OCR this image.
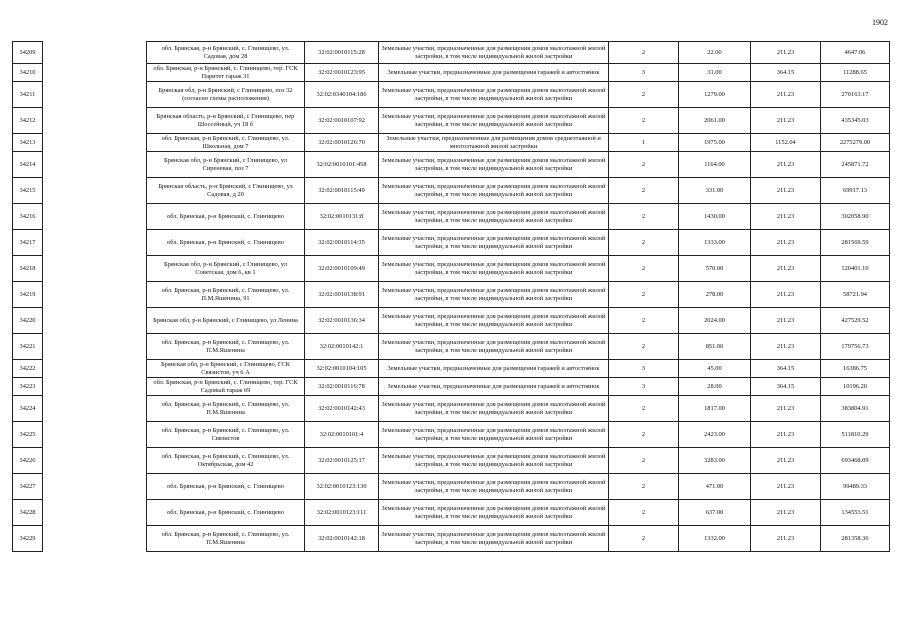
1902
34209		обл. Брянская, р-н Брянский, с. Глинищево, ул. Садовая, дом 28	32:02:0010115:28	Земельные участки, предназначенные для размещения домов малоэтажной жилой застройки, в том числе индивидуальной жилой застройки	2	22.00	211.23	4647.06
34210		обл. Брянская, р-н Брянский, с. Глинищево, тер. ГСК Паритет гараж 31	32:02:0010123:95	Земельные участки, предназначенные для размещения гаражей и автостоянок	3	31.00	364.15	11288.65
34211		Брянская обл, р-н Брянский, с Глинищево, поз 32 (согласно схемы расположения)	32:02:0340104:186	Земельные участки, предназначенные для размещения домов малоэтажной жилой застройки, в том числе индивидуальной жилой застройки	2	1279.00	211.23	270163.17
34212		Брянская область, р-н Брянский, с Глинищево, пер Шоссейный, уч 18 б	32:02:0010107:92	Земельные участки, предназначенные для размещения домов малоэтажной жилой застройки, в том числе индивидуальной жилой застройки	2	2061.00	211.23	435345.03
34213		обл. Брянская, р-н Брянский, с. Глинищево, ул. Школьная, дом 7	32:02:0010126:70	Земельные участки, предназначенные для размещения домов среднеэтажной и многоэтажной жилой застройки	1	1975.00	1152.04	2275279.00
34214		Брянская обл, р-н Брянский, с Глинищево, ул Сиреневая, поз 7	32:02:0010101:458	Земельные участки, предназначенные для размещения домов малоэтажной жилой застройки, в том числе индивидуальной жилой застройки	2	1164.00	211.23	245871.72
34215		Брянская область, р-н Брянский, с Глинищево, ул Садовая, д 20	32:02:0010115:49	Земельные участки, предназначенные для размещения домов малоэтажной жилой застройки, в том числе индивидуальной жилой застройки	2	331.00	211.23	69917.13
34216		обл. Брянская, р-н Брянский, с. Глинищево	32:02:0010131:8	Земельные участки, предназначенные для размещения домов малоэтажной жилой застройки, в том числе индивидуальной жилой застройки	2	1430.00	211.23	302058.90
34217		обл. Брянская, р-н Брянский, с. Глинищево	32:02:0010114:35	Земельные участки, предназначенные для размещения домов малоэтажной жилой застройки, в том числе индивидуальной жилой застройки	2	1333.00	211.23	281569.59
34218		Брянская обл, р-н Брянский, с Глинищево, ул Советская, дом 6, кв 1	32:02:0010109:49	Земельные участки, предназначенные для размещения домов малоэтажной жилой застройки, в том числе индивидуальной жилой застройки	2	570.00	211.23	120401.10
34219		обл. Брянская, р-н Брянский, с. Глинищево, ул. П.М.Яшенина, 91	32:02:0010138:91	Земельные участки, предназначенные для размещения домов малоэтажной жилой застройки, в том числе индивидуальной жилой застройки	2	278.00	211.23	58721.94
34220		Брянская обл, р-н Брянский, с Глинищево, ул Ленина	32:02:0010136:34	Земельные участки, предназначенные для размещения домов малоэтажной жилой застройки, в том числе индивидуальной жилой застройки	2	2024.00	211.23	427529.52
34221		обл. Брянская, р-н Брянский, с. Глинищево, ул. П.М.Яшенина	32:02:0010142:1	Земельные участки, предназначенные для размещения домов малоэтажной жилой застройки, в том числе индивидуальной жилой застройки	2	851.00	211.23	179756.73
34222		Брянская обл, р-н Брянский, с Глинищево, ГСК Связистов, уч 6 А	32:02:0010104:105	Земельные участки, предназначенные для размещения гаражей и автостоянок	3	45.00	364.15	16386.75
34223		обл. Брянская, р-н Брянский, с. Глинищево, тер. ГСК Садовый гараж 69	32:02:0010116:78	Земельные участки, предназначенные для размещения гаражей и автостоянок	3	28.00	364.15	10196.20
34224		обл. Брянская, р-н Брянский, с. Глинищево, ул. П.М.Яшенина	32:02:0010142:43	Земельные участки, предназначенные для размещения домов малоэтажной жилой застройки, в том числе индивидуальной жилой застройки	2	1817.00	211.23	383804.91
34225		обл. Брянская, р-н Брянский, с. Глинищево, ул. Связистов	32:02:0010101:4	Земельные участки, предназначенные для размещения домов малоэтажной жилой застройки, в том числе индивидуальной жилой застройки	2	2423.00	211.23	511810.29
34226		обл. Брянская, р-н Брянский, с. Глинищево, ул. Октябрьская, дом 42	32:02:0010125:17	Земельные участки, предназначенные для размещения домов малоэтажной жилой застройки, в том числе индивидуальной жилой застройки	2	3283.00	211.23	693468.09
34227		обл. Брянская, р-н Брянский, с. Глинищево	32:02:0010123:130	Земельные участки, предназначенные для размещения домов малоэтажной жилой застройки, в том числе индивидуальной жилой застройки	2	471.00	211.23	99489.33
34228		обл. Брянская, р-н Брянский, с. Глинищево	32:02:0010123:111	Земельные участки, предназначенные для размещения домов малоэтажной жилой застройки, в том числе индивидуальной жилой застройки	2	637.00	211.23	134553.51
34229		обл. Брянская, р-н Брянский, с. Глинищево, ул. П.М.Яшенина	32:02:0010142:18	Земельные участки, предназначенные для размещения домов малоэтажной жилой застройки, в том числе индивидуальной жилой застройки	2	1332.00	211.23	281358.36
